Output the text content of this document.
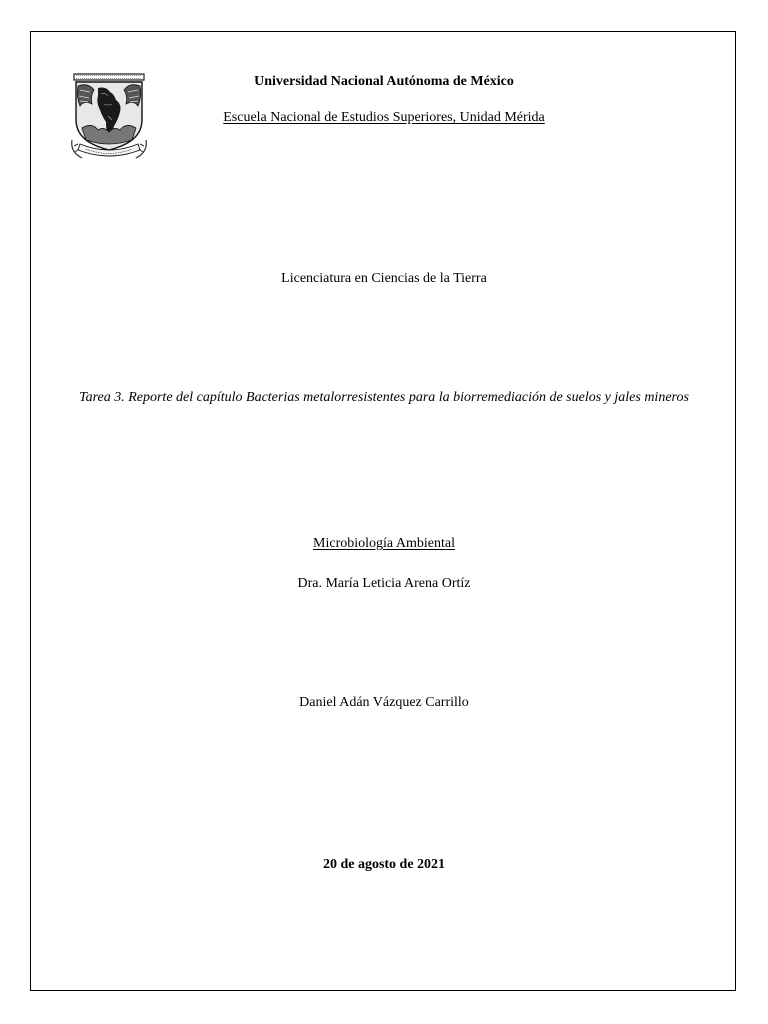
Universidad Nacional Autónoma de México
Escuela Nacional de Estudios Superiores, Unidad Mérida
Licenciatura en Ciencias de la Tierra
Tarea 3. Reporte del capítulo Bacterias metalorresistentes para la biorremediación de suelos y jales mineros
Microbiología Ambiental
Dra. María Leticia Arena Ortíz
Daniel Adán Vázquez Carrillo
20 de agosto de 2021
